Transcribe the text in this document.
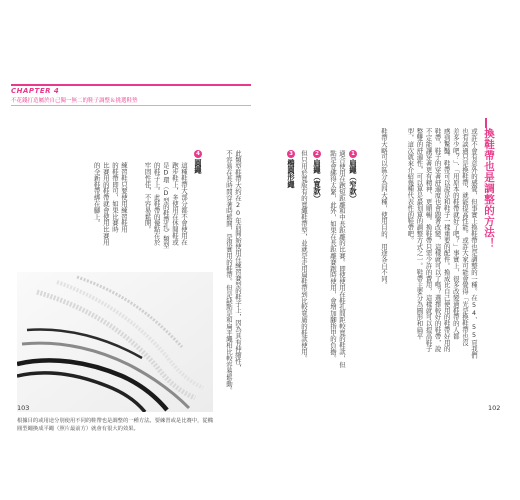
CHAPTER 4
不花錢打造屬於自己獨一無二的鞋子調整＆挑選鞋墊
換鞋帶也是調整的方法！
或許不會有意外的感覺，但事實上換鞋帶也是調整的一種。在54、55頁我們
也有談過只是換鞋帶，就能提高性能。或許大家可能會覺得「光是換鞋帶也沒
差多少吧？」、「用原本的鞋帶就好了吧？」事實上，很多改變過鞋帶的人都
感到驚豔。鞋帶可以說是和鞋子一樣重要的配件。換成比自己使用的鞋帶好用的
鞋帶，鞋子的穿著舒適度也會跟著改變，這樣就可以了嗎？選擇較好的鞋帶，說
不定能讓穿著更有精神、更順暢。換鞋帶只需少許的費用，這樣就可以提高鞋子
整雙的舒適性，可以算是最划算的調整方式之一。鞋帶主要分為圓形和扁平
型，這次就來介紹幾種代表性的鞋帶吧。
鞋帶大略可以區分為四大種，使用目的、用途各自不同。
1扁繩（窄款）
適合使用在跑短距離和中長距離的比賽。即使使用在鞋孔間距較寬的鞋款，但
點是會綁得太緊，此外，如果在長距離賽跑時使用，會增加腳指甲的負擔。
2扁繩（寬款）
但只用於寬版有的寬繩鞋帶型，並就是走用扁鞋帶到比較寬廣的鞋款使用。
3橢圓形繩
此類型鞋帶大約在20年前開始使用在練習賽型的鞋子上，因為具有伸縮性，
不容易在長時間穿著時鬆開，是很實用的鞋帶。但是缺點是和扁平繩相比較容易鬆動。
4圓繩
這種鞋帶大部分都不會使用在
跑步鞋上，多使用在休閒鞋或
是D環（D型的鞋帶孔）類型
的鞋子上。此鞋帶的優點在於
牢固性佳，不容易鬆開。
練習鞋只要使用練習鞋用
的鞋帶即可，如果比賽時
比賽用的鞋帶就會使用比賽用
的全新鞋帶綁在腳上。
根據目的或用途分別使用不同的鞋帶也是調整的一種方法。要練習或是比賽中，從橢圓型繩換成平繩（照片最前方）就會有很大的效果。
103	102
